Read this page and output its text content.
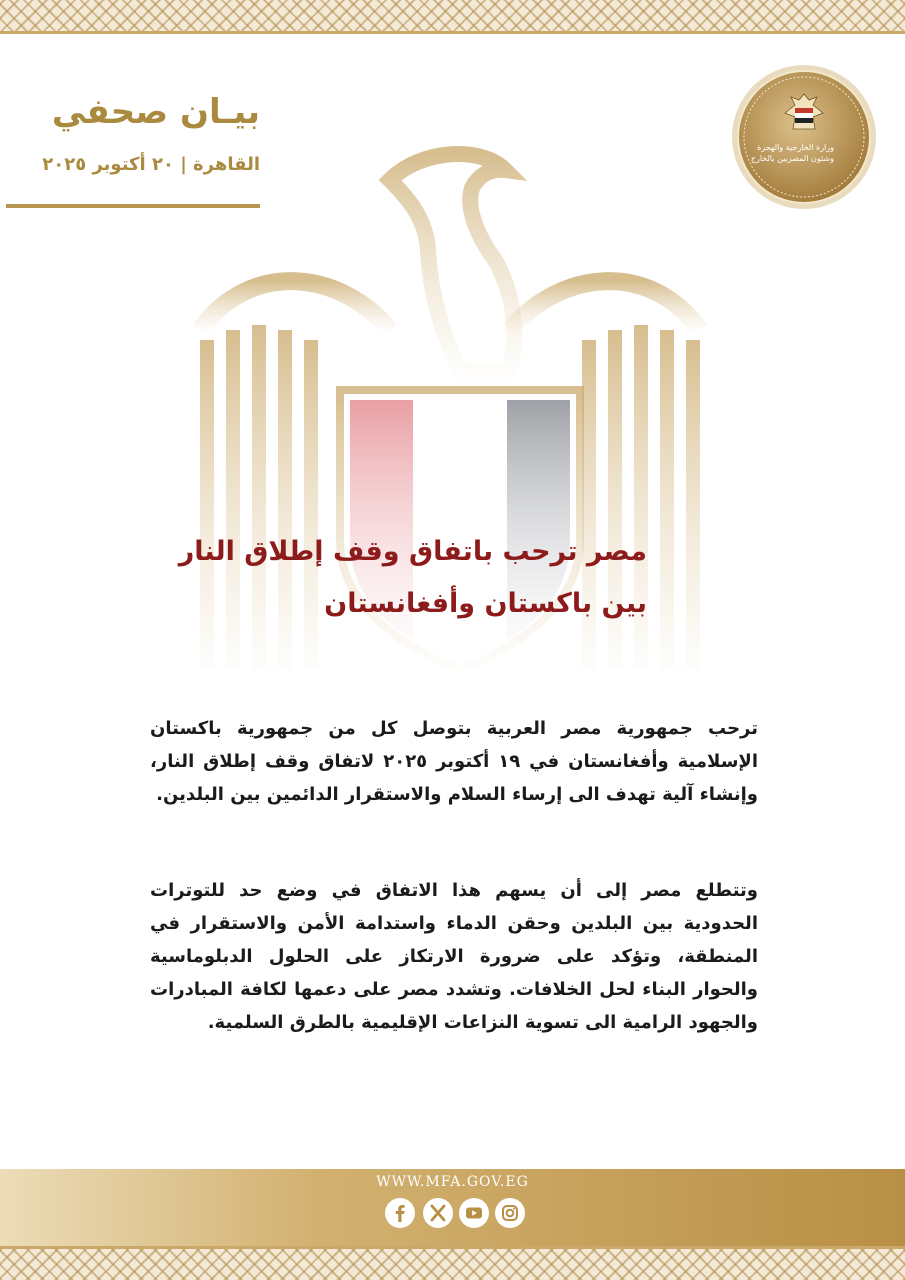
بيـان صحفي
القاهرة | ٢٠ أكتوبر ٢٠٢٥
وزارة الخارجية والهجرة وشئون المصريين بالخارج
مصر ترحب باتفاق وقف إطلاق النار
بين باكستان وأفغانستان
ترحب جمهورية مصر العربية بتوصل كل من جمهورية باكستان الإسلامية وأفغانستان في ١٩ أكتوبر ٢٠٢٥ لاتفاق وقف إطلاق النار، وإنشاء آلية تهدف الى إرساء السلام والاستقرار الدائمين بين البلدين.
وتتطلع مصر إلى أن يسهم هذا الاتفاق في وضع حد للتوترات الحدودية بين البلدين وحقن الدماء واستدامة الأمن والاستقرار في المنطقة، وتؤكد على ضرورة الارتكاز على الحلول الدبلوماسية والحوار البناء لحل الخلافات. وتشدد مصر على دعمها لكافة المبادرات والجهود الرامية الى تسوية النزاعات الإقليمية بالطرق السلمية.
WWW.MFA.GOV.EG
